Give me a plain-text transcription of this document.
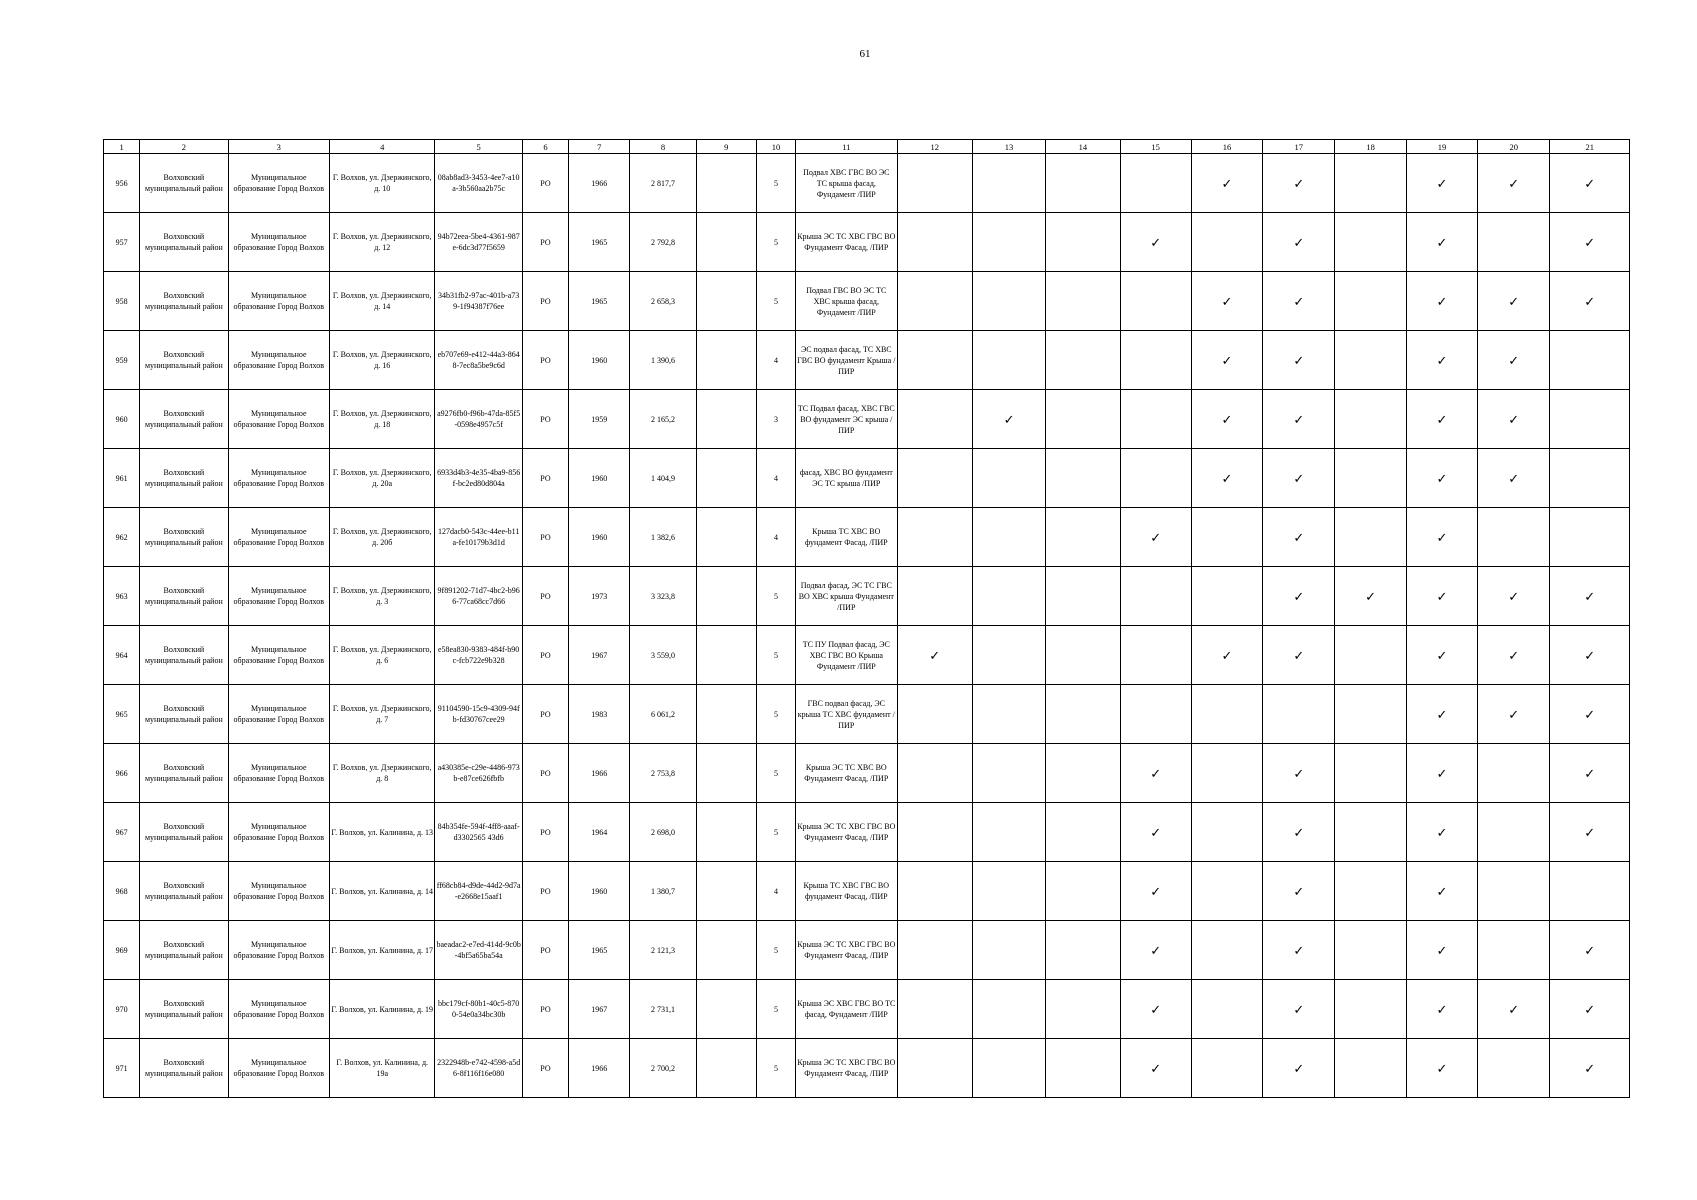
61
1	2	3	4	5	6	7	8	9	10	11	12	13	14	15	16	17	18	19	20	21
956	Волховский муниципальный район	Муниципальное образование Город Волхов	Г. Волхов, ул. Дзержинского, д. 10	08ab8ad3-3453-4ee7-a10a-3b560aa2b75c	РО	1966	2 817,7		5	Подвал ХВС ГВС ВО ЭС ТС крыша фасад, Фундамент /ПИР					✓	✓		✓	✓	✓
957	Волховский муниципальный район	Муниципальное образование Город Волхов	Г. Волхов, ул. Дзержинского, д. 12	94b72eea-5be4-4361-987e-6dc3d77f5659	РО	1965	2 792,8		5	Крыша ЭС ТС ХВС ГВС ВО Фундамент Фасад, /ПИР				✓		✓		✓		✓
958	Волховский муниципальный район	Муниципальное образование Город Волхов	Г. Волхов, ул. Дзержинского, д. 14	34b31fb2-97ac-401b-a739-1f94387f76ee	РО	1965	2 658,3		5	Подвал ГВС ВО ЭС ТС ХВС крыша фасад, Фундамент /ПИР					✓	✓		✓	✓	✓
959	Волховский муниципальный район	Муниципальное образование Город Волхов	Г. Волхов, ул. Дзержинского, д. 16	eb707e69-e412-44a3-8648-7ec8a5be9c6d	РО	1960	1 390,6		4	ЭС подвал фасад, ТС ХВС ГВС ВО фундамент Крыша /ПИР					✓	✓		✓	✓	
960	Волховский муниципальный район	Муниципальное образование Город Волхов	Г. Волхов, ул. Дзержинского, д. 18	a9276fb0-f96b-47da-85f5-0598e4957c5f	РО	1959	2 165,2		3	ТС Подвал фасад, ХВС ГВС ВО фундамент ЭС крыша /ПИР		✓			✓	✓		✓	✓	
961	Волховский муниципальный район	Муниципальное образование Город Волхов	Г. Волхов, ул. Дзержинского, д. 20а	6933d4b3-4e35-4ba9-856f-bc2ed80d804a	РО	1960	1 404,9		4	фасад, ХВС ВО фундамент ЭС ТС крыша /ПИР					✓	✓		✓	✓	
962	Волховский муниципальный район	Муниципальное образование Город Волхов	Г. Волхов, ул. Дзержинского, д. 20б	127dacb0-543c-44ee-b11a-fe10179b3d1d	РО	1960	1 382,6		4	Крыша ТС ХВС ВО фундамент Фасад, /ПИР				✓		✓		✓		
963	Волховский муниципальный район	Муниципальное образование Город Волхов	Г. Волхов, ул. Дзержинского, д. 3	9f891202-71d7-4bc2-b966-77ca68cc7d66	РО	1973	3 323,8		5	Подвал фасад, ЭС ТС ГВС ВО ХВС крыша Фундамент /ПИР						✓	✓	✓	✓	✓
964	Волховский муниципальный район	Муниципальное образование Город Волхов	Г. Волхов, ул. Дзержинского, д. 6	e58ea830-9383-484f-b90c-fcb722e9b328	РО	1967	3 559,0		5	ТС ПУ Подвал фасад, ЭС ХВС ГВС ВО Крыша Фундамент /ПИР	✓				✓	✓		✓	✓	✓
965	Волховский муниципальный район	Муниципальное образование Город Волхов	Г. Волхов, ул. Дзержинского, д. 7	91104590-15c9-4309-94fb-fd30767cee29	РО	1983	6 061,2		5	ГВС подвал фасад, ЭС крыша ТС ХВС фундамент /ПИР								✓	✓	✓
966	Волховский муниципальный район	Муниципальное образование Город Волхов	Г. Волхов, ул. Дзержинского, д. 8	a430385e-c29e-4486-973b-e87ce626fbfb	РО	1966	2 753,8		5	Крыша ЭС ТС ХВС ВО Фундамент Фасад, /ПИР				✓		✓		✓		✓
967	Волховский муниципальный район	Муниципальное образование Город Волхов	Г. Волхов, ул. Калинина, д. 13	84b354fe-594f-4ff8-aaaf-d3302565 43d6	РО	1964	2 698,0		5	Крыша ЭС ТС ХВС ГВС ВО Фундамент Фасад, /ПИР				✓		✓		✓		✓
968	Волховский муниципальный район	Муниципальное образование Город Волхов	Г. Волхов, ул. Калинина, д. 14	ff68cb84-d9de-44d2-9d7a-e2668e15aaf1	РО	1960	1 380,7		4	Крыша ТС ХВС ГВС ВО фундамент Фасад, /ПИР				✓		✓		✓		
969	Волховский муниципальный район	Муниципальное образование Город Волхов	Г. Волхов, ул. Калинина, д. 17	baeadac2-e7ed-414d-9c0b-4bf5a65ba54a	РО	1965	2 121,3		5	Крыша ЭС ТС ХВС ГВС ВО Фундамент Фасад, /ПИР				✓		✓		✓		✓
970	Волховский муниципальный район	Муниципальное образование Город Волхов	Г. Волхов, ул. Калинина, д. 19	bbc179cf-80b1-40c5-8700-54e0a34bc30b	РО	1967	2 731,1		5	Крыша ЭС ХВС ГВС ВО ТС фасад, Фундамент /ПИР				✓		✓		✓	✓	✓
971	Волховский муниципальный район	Муниципальное образование Город Волхов	Г. Волхов, ул. Калинина, д. 19а	2322948b-e742-4598-a5d6-8f116f16e080	РО	1966	2 700,2		5	Крыша ЭС ТС ХВС ГВС ВО Фундамент Фасад, /ПИР				✓		✓		✓		✓
